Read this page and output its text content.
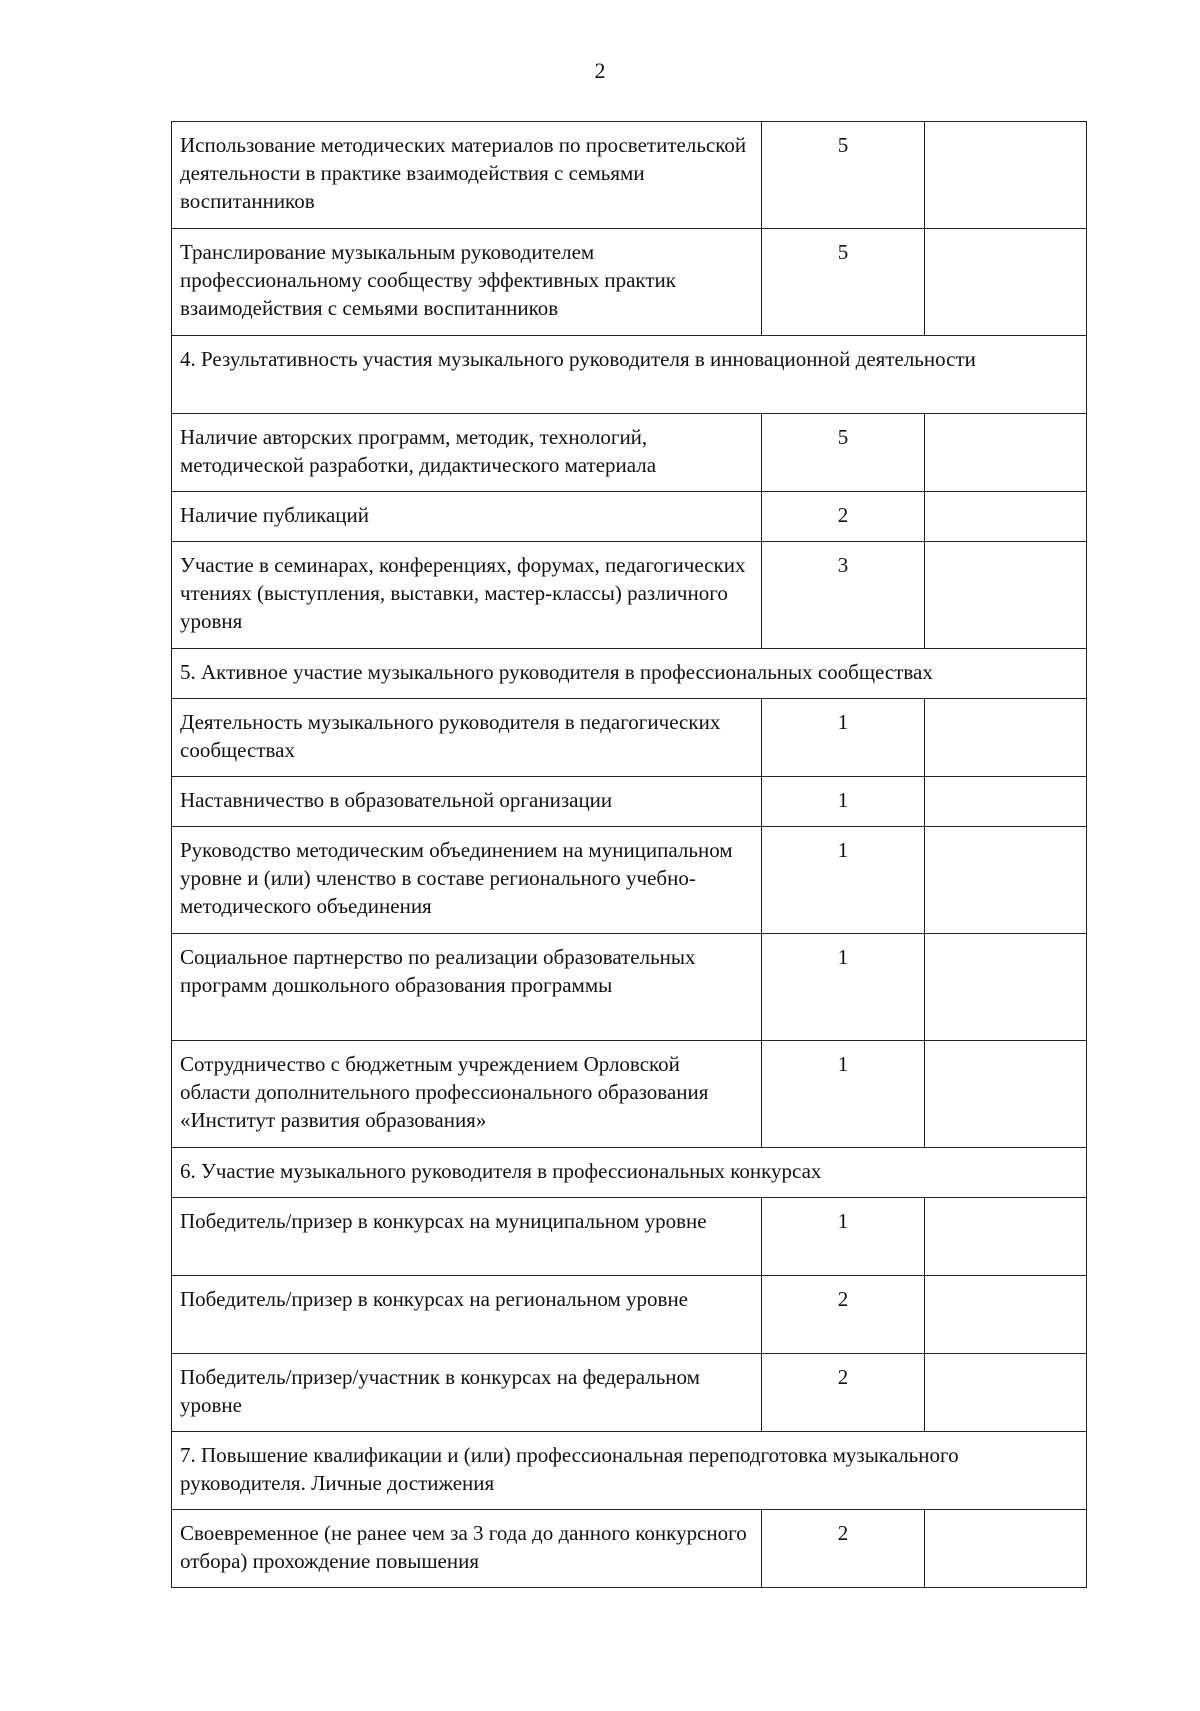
2
Использование методических материалов по просветительской деятельности в практике взаимодействия с семьями воспитанников	5	
Транслирование музыкальным руководителем профессиональному сообществу эффективных практик взаимодействия с семьями воспитанников	5	
4. Результативность участия музыкального руководителя в инновационной деятельности		
Наличие авторских программ, методик, технологий, методической разработки, дидактического материала	5	
Наличие публикаций	2	
Участие в семинарах, конференциях, форумах, педагогических чтениях (выступления, выставки, мастер-классы) различного уровня	3	
5. Активное участие музыкального руководителя в профессиональных сообществах		
Деятельность музыкального руководителя в педагогических сообществах	1	
Наставничество в образовательной организации	1	
Руководство методическим объединением на муниципальном уровне и (или) членство в составе регионального учебно-методического объединения	1	
Социальное партнерство по реализации образовательных программ дошкольного образования программы	1	
Сотрудничество с бюджетным учреждением Орловской области дополнительного профессионального образования «Институт развития образования»	1	
6. Участие музыкального руководителя в профессиональных конкурсах		
Победитель/призер в конкурсах на муниципальном уровне	1	
Победитель/призер в конкурсах на региональном уровне	2	
Победитель/призер/участник в конкурсах на федеральном уровне	2	
7. Повышение квалификации и (или) профессиональная переподготовка музыкального руководителя. Личные достижения		
Своевременное (не ранее чем за 3 года до данного конкурсного отбора) прохождение повышения	2	
